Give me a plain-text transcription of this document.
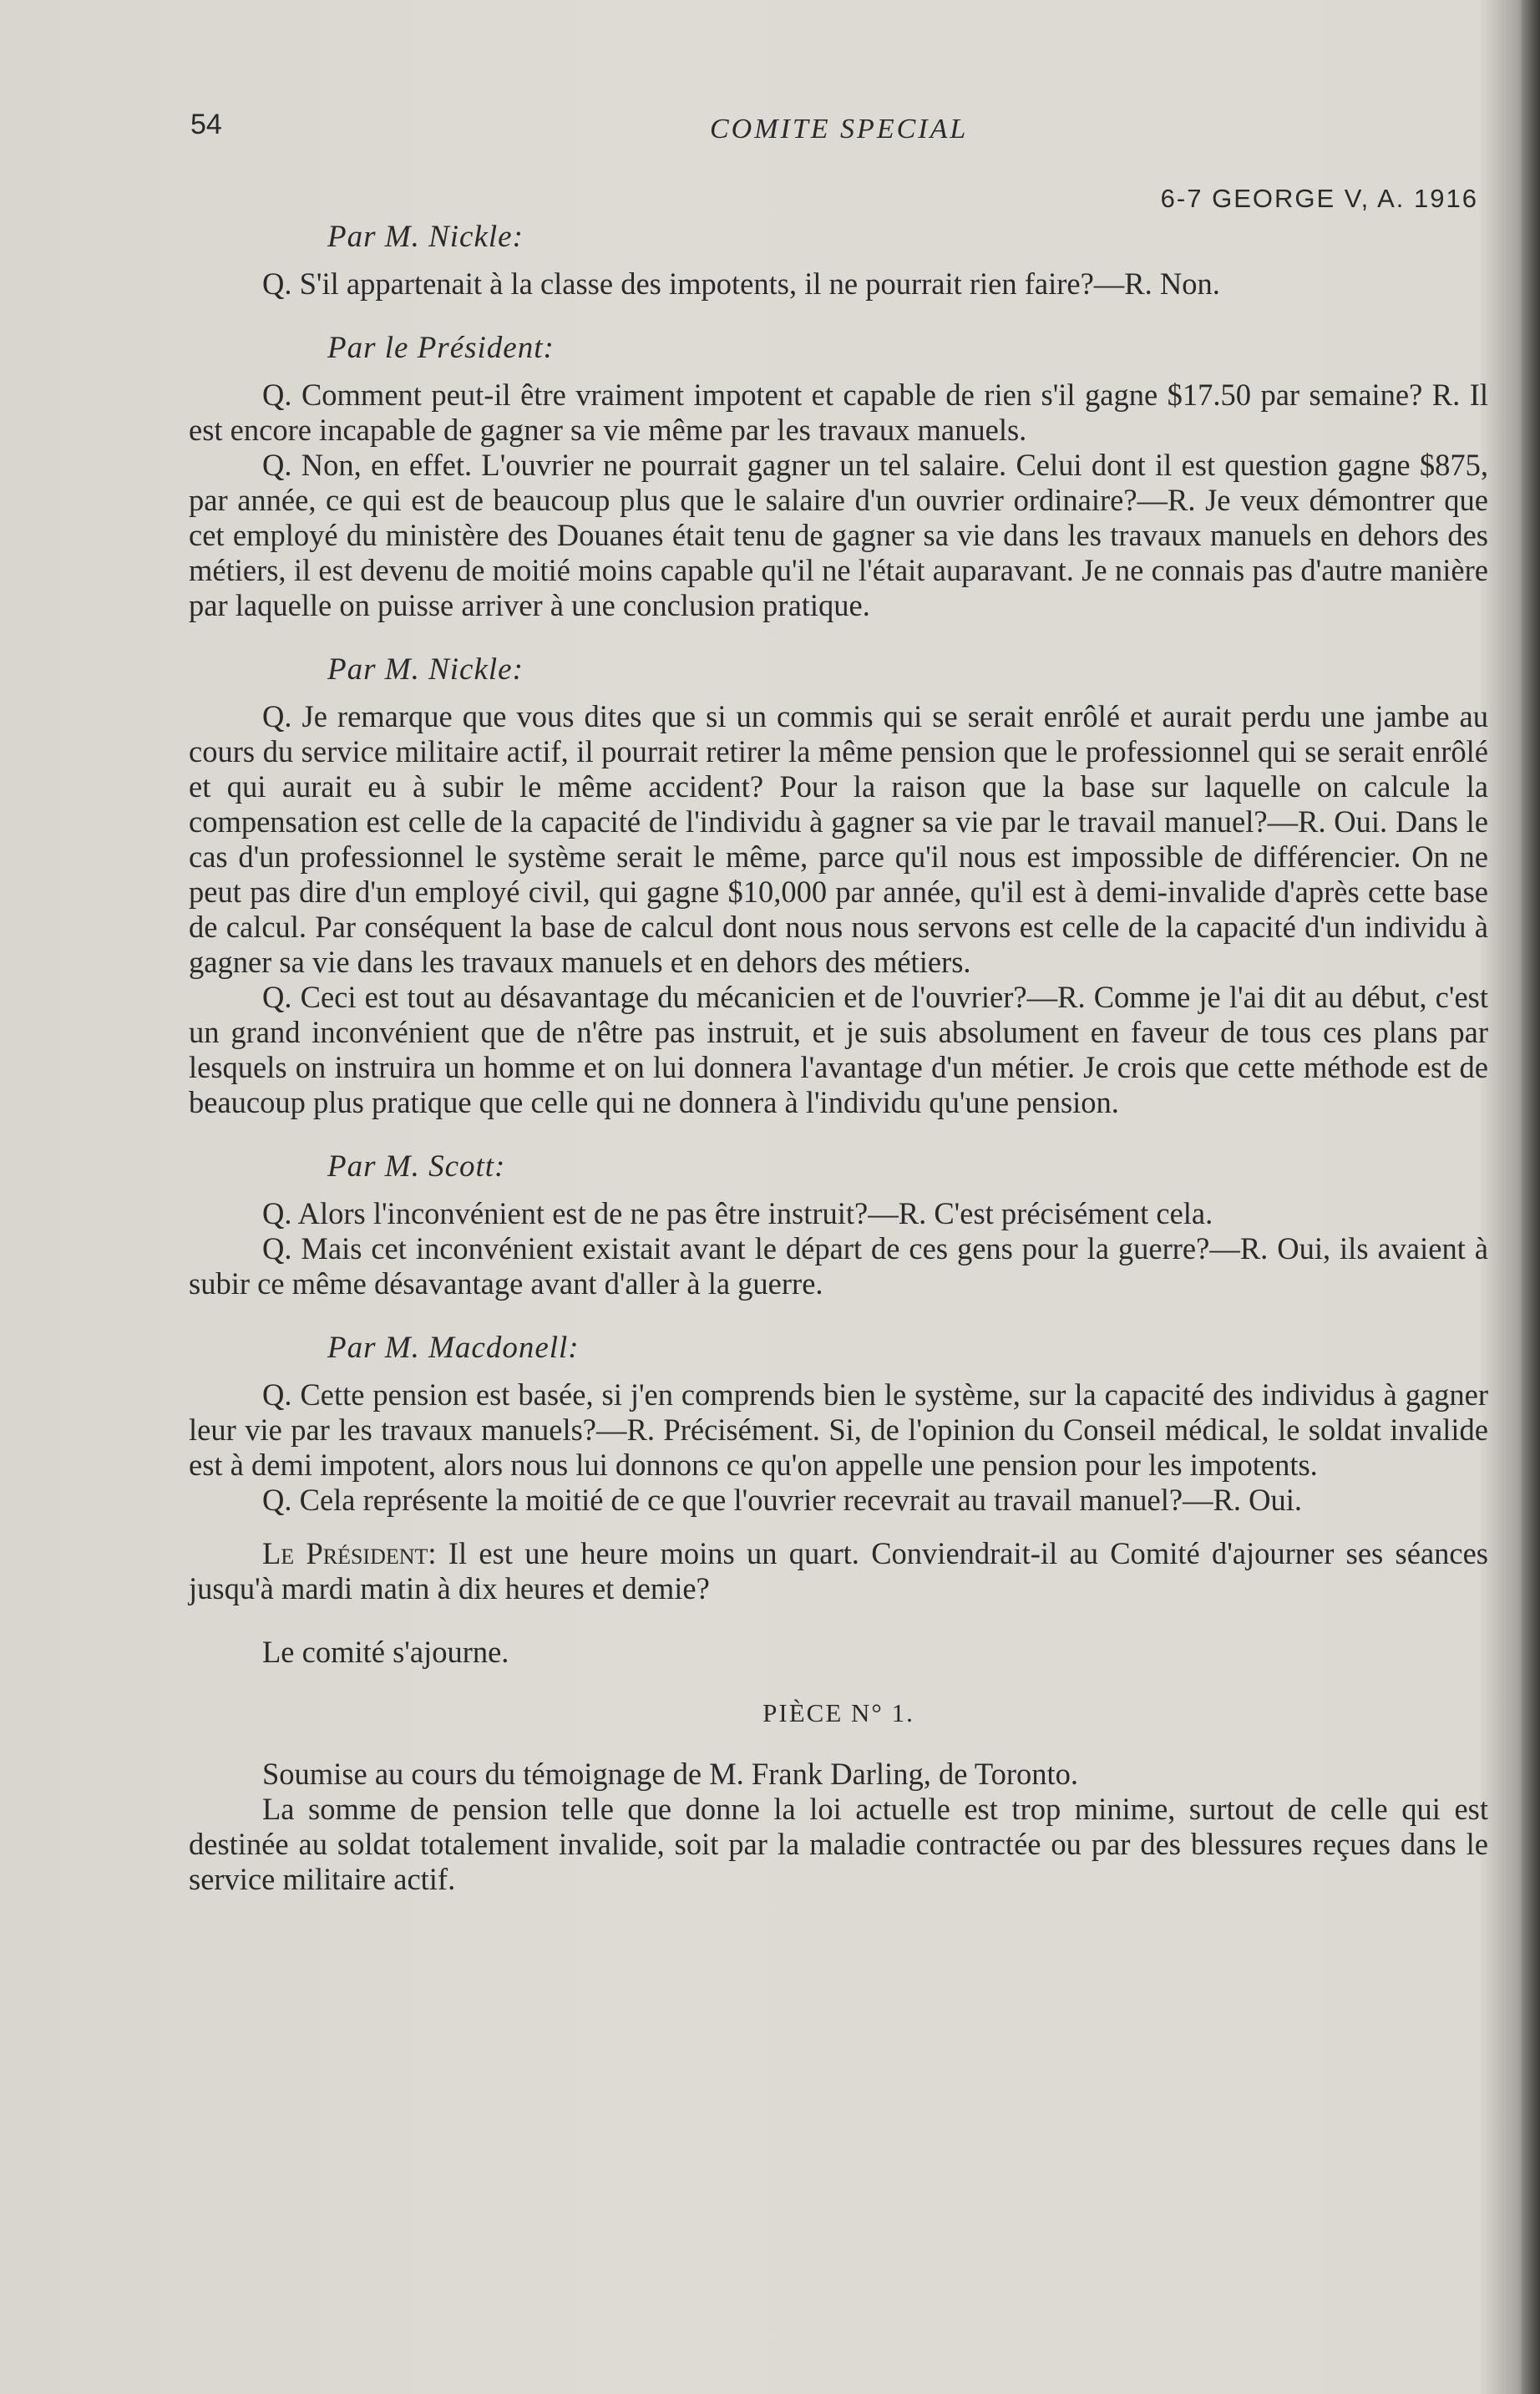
54	COMITE SPECIAL
6-7 GEORGE V, A. 1916

Par M. Nickle:

Q. S'il appartenait à la classe des impotents, il ne pourrait rien faire?—R. Non.

Par le Président:

Q. Comment peut-il être vraiment impotent et capable de rien s'il gagne $17.50 par semaine? R. Il est encore incapable de gagner sa vie même par les travaux manuels.

Q. Non, en effet. L'ouvrier ne pourrait gagner un tel salaire. Celui dont il est question gagne $875, par année, ce qui est de beaucoup plus que le salaire d'un ouvrier ordinaire?—R. Je veux démontrer que cet employé du ministère des Douanes était tenu de gagner sa vie dans les travaux manuels en dehors des métiers, il est devenu de moitié moins capable qu'il ne l'était auparavant. Je ne connais pas d'autre manière par laquelle on puisse arriver à une conclusion pratique.

Par M. Nickle:

Q. Je remarque que vous dites que si un commis qui se serait enrôlé et aurait perdu une jambe au cours du service militaire actif, il pourrait retirer la même pension que le professionnel qui se serait enrôlé et qui aurait eu à subir le même accident? Pour la raison que la base sur laquelle on calcule la compensation est celle de la capacité de l'individu à gagner sa vie par le travail manuel?—R. Oui. Dans le cas d'un professionnel le système serait le même, parce qu'il nous est impossible de différencier. On ne peut pas dire d'un employé civil, qui gagne $10,000 par année, qu'il est à demi-invalide d'après cette base de calcul. Par conséquent la base de calcul dont nous nous servons est celle de la capacité d'un individu à gagner sa vie dans les travaux manuels et en dehors des métiers.

Q. Ceci est tout au désavantage du mécanicien et de l'ouvrier?—R. Comme je l'ai dit au début, c'est un grand inconvénient que de n'être pas instruit, et je suis absolument en faveur de tous ces plans par lesquels on instruira un homme et on lui donnera l'avantage d'un métier. Je crois que cette méthode est de beaucoup plus pratique que celle qui ne donnera à l'individu qu'une pension.

Par M. Scott:

Q. Alors l'inconvénient est de ne pas être instruit?—R. C'est précisément cela.

Q. Mais cet inconvénient existait avant le départ de ces gens pour la guerre?—R. Oui, ils avaient à subir ce même désavantage avant d'aller à la guerre.

Par M. Macdonell:

Q. Cette pension est basée, si j'en comprends bien le système, sur la capacité des individus à gagner leur vie par les travaux manuels?—R. Précisément. Si, de l'opinion du Conseil médical, le soldat invalide est à demi impotent, alors nous lui donnons ce qu'on appelle une pension pour les impotents.

Q. Cela représente la moitié de ce que l'ouvrier recevrait au travail manuel?—R. Oui.

Le Président: Il est une heure moins un quart. Conviendrait-il au Comité d'ajourner ses séances jusqu'à mardi matin à dix heures et demie?

Le comité s'ajourne.

PIÈCE N° 1.

Soumise au cours du témoignage de M. Frank Darling, de Toronto.

La somme de pension telle que donne la loi actuelle est trop minime, surtout de celle qui est destinée au soldat totalement invalide, soit par la maladie contractée ou par des blessures reçues dans le service militaire actif.
